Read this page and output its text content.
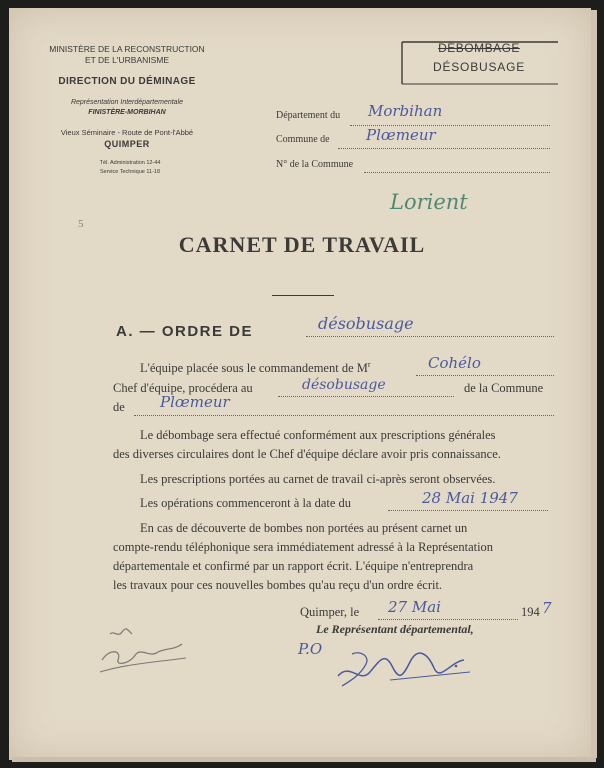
MINISTÈRE DE LA RECONSTRUCTION
ET DE L'URBANISME
DIRECTION DU DÉMINAGE
Représentation Interdépartementale
FINISTÈRE-MORBIHAN
Vieux Séminaire - Route de Pont-l'Abbé
QUIMPER
Tél. Administration 12-44
Service Technique 11-18
DÉBOMBAGE
DÉSOBUSAGE
Département du Morbihan
Commune de Plœmeur
N° de la Commune
Lorient
5
CARNET DE TRAVAIL
A. — ORDRE DE	désobusage
L'équipe placée sous le commandement de $M^r$	Cohélo
Chef d'équipe, procédera au	désobusage	de la Commune
de Plœmeur
Le débombage sera effectué conformément aux prescriptions générales
des diverses circulaires dont le Chef d'équipe déclare avoir pris connaissance.
Les prescriptions portées au carnet de travail ci-après seront observées.
Les opérations commenceront à la date du	28 Mai 1947
En cas de découverte de bombes non portées au présent carnet un
compte-rendu téléphonique sera immédiatement adressé à la Représentation
départementale et confirmé par un rapport écrit. L'équipe n'entreprendra
les travaux pour ces nouvelles bombes qu'au reçu d'un ordre écrit.
Quimper, le 27 Mai	194 7
Le Représentant départemental,
P.O
